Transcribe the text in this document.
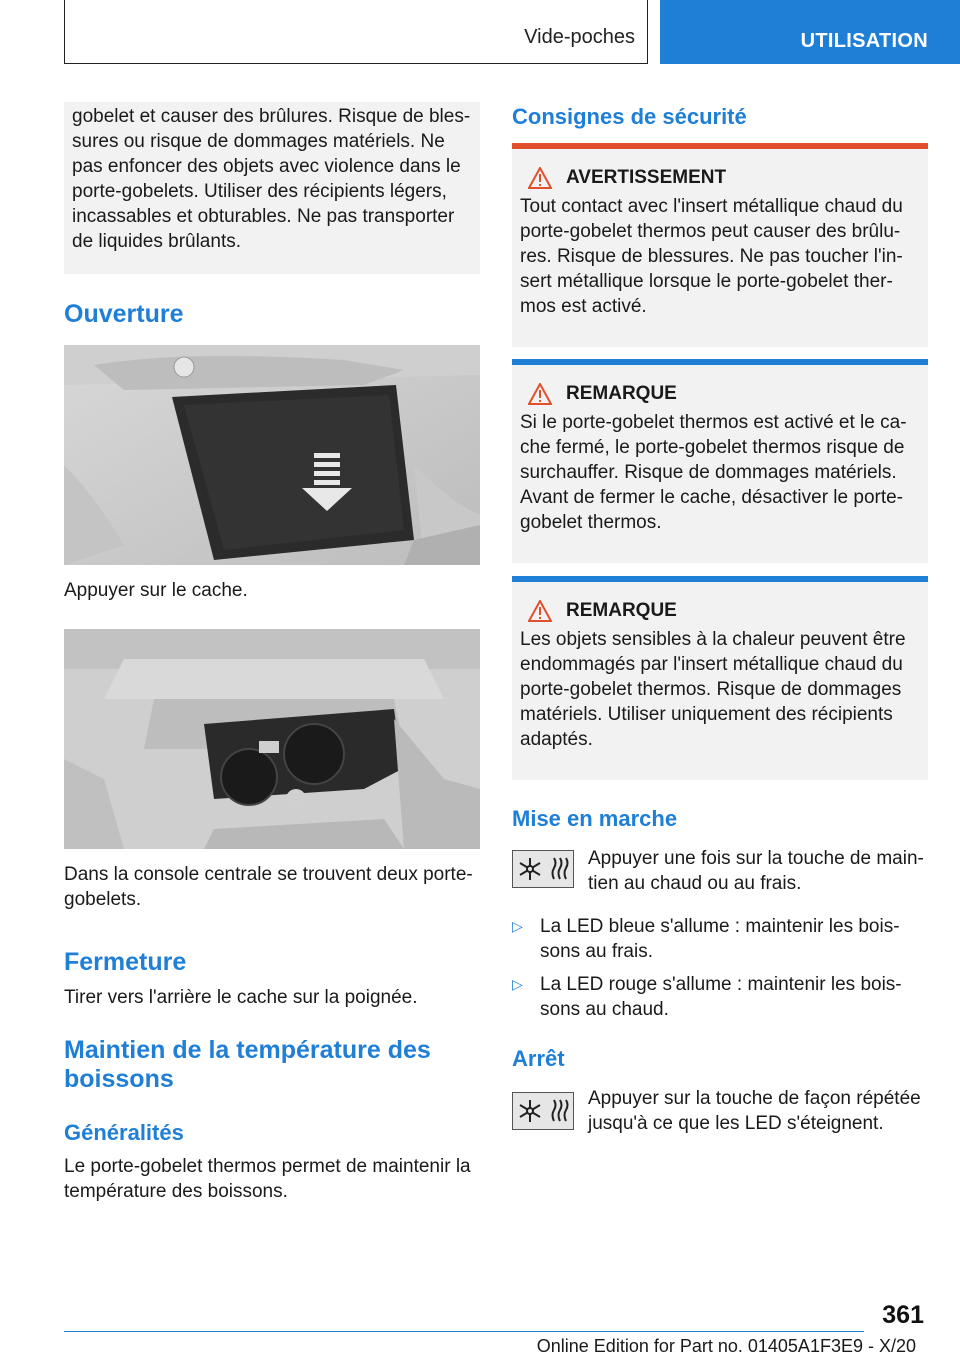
Vide-poches	UTILISATION

gobelet et causer des brûlures. Risque de bles-sures ou risque de dommages matériels. Ne pas enfoncer des objets avec violence dans le porte-gobelets. Utiliser des récipients légers, incassables et obturables. Ne pas transporter de liquides brûlants.

Ouverture

Appuyer sur le cache.

Dans la console centrale se trouvent deux porte-gobelets.

Fermeture

Tirer vers l'arrière le cache sur la poignée.

Maintien de la température des boissons
Généralités

Le porte-gobelet thermos permet de maintenir la température des boissons.

Consignes de sécurité
AVERTISSEMENT

Tout contact avec l'insert métallique chaud du porte-gobelet thermos peut causer des brûlu-res. Risque de blessures. Ne pas toucher l'in-sert métallique lorsque le porte-gobelet ther-mos est activé.

REMARQUE

Si le porte-gobelet thermos est activé et le ca-che fermé, le porte-gobelet thermos risque de surchauffer. Risque de dommages matériels. Avant de fermer le cache, désactiver le porte-gobelet thermos.

REMARQUE

Les objets sensibles à la chaleur peuvent être endommagés par l'insert métallique chaud du porte-gobelet thermos. Risque de dommages matériels. Utiliser uniquement des récipients adaptés.

Mise en marche

Appuyer une fois sur la touche de main-tien au chaud ou au frais.

▷ La LED bleue s'allume : maintenir les bois-sons au frais.
▷ La LED rouge s'allume : maintenir les bois-sons au chaud.
Arrêt

Appuyer sur la touche de façon répétée jusqu'à ce que les LED s'éteignent.

361
Online Edition for Part no. 01405A1F3E9 - X/20
